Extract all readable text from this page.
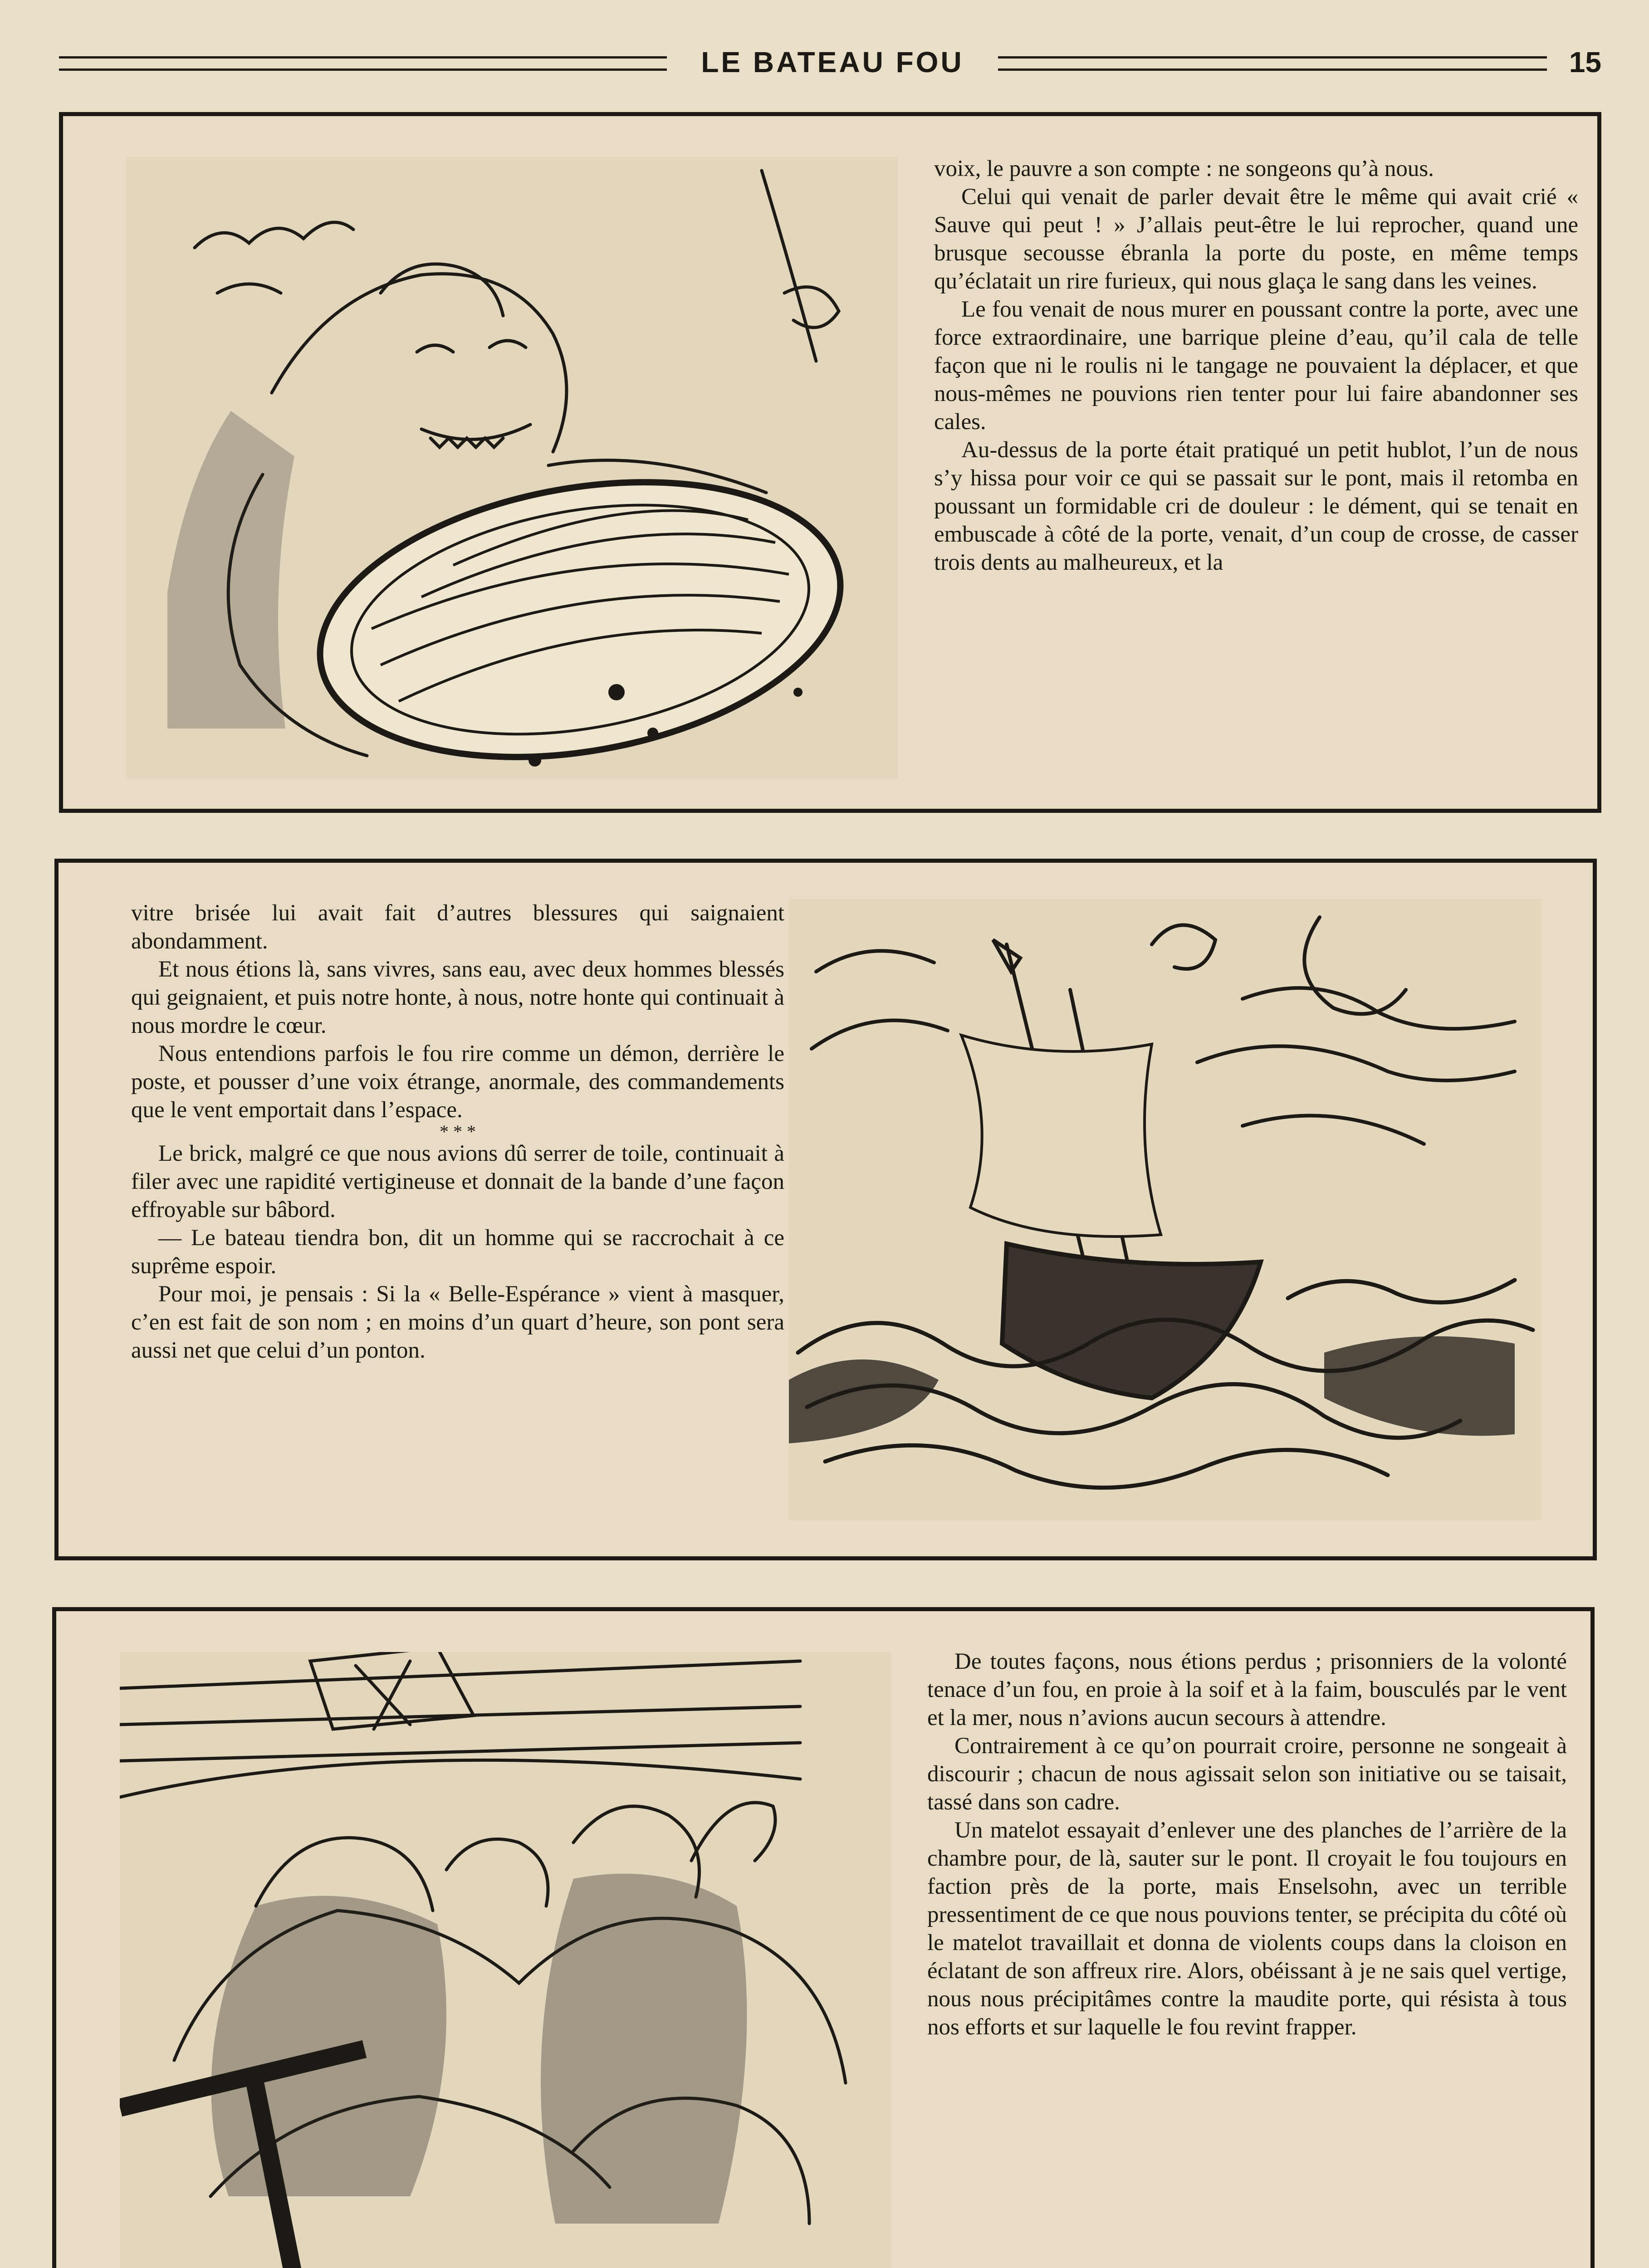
LE BATEAU FOU	15

voix, le pauvre a son compte : ne songeons qu’à nous.

Celui qui venait de parler devait être le même qui avait crié « Sauve qui peut ! » J’allais peut-être le lui reprocher, quand une brusque secousse ébranla la porte du poste, en même temps qu’éclatait un rire furieux, qui nous glaça le sang dans les veines.

Le fou venait de nous murer en poussant contre la porte, avec une force extraordinaire, une barrique pleine d’eau, qu’il cala de telle façon que ni le roulis ni le tangage ne pouvaient la déplacer, et que nous-mêmes ne pouvions rien tenter pour lui faire abandonner ses cales.

Au-dessus de la porte était pratiqué un petit hublot, l’un de nous s’y hissa pour voir ce qui se passait sur le pont, mais il retomba en poussant un formidable cri de douleur : le dément, qui se tenait en embuscade à côté de la porte, venait, d’un coup de crosse, de casser trois dents au malheureux, et la

vitre brisée lui avait fait d’autres blessures qui saignaient abondamment.

Et nous étions là, sans vivres, sans eau, avec deux hommes blessés qui geignaient, et puis notre honte, à nous, notre honte qui continuait à nous mordre le cœur.

Nous entendions parfois le fou rire comme un démon, derrière le poste, et pousser d’une voix étrange, anormale, des commandements que le vent emportait dans l’espace.

* * *

Le brick, malgré ce que nous avions dû serrer de toile, continuait à filer avec une rapidité vertigineuse et donnait de la bande d’une façon effroyable sur bâbord.

— Le bateau tiendra bon, dit un homme qui se raccrochait à ce suprême espoir.

Pour moi, je pensais : Si la « Belle-Espérance » vient à masquer, c’en est fait de son nom ; en moins d’un quart d’heure, son pont sera aussi net que celui d’un ponton.

De toutes façons, nous étions perdus ; prisonniers de la volonté tenace d’un fou, en proie à la soif et à la faim, bousculés par le vent et la mer, nous n’avions aucun secours à attendre.

Contrairement à ce qu’on pourrait croire, personne ne songeait à discourir ; chacun de nous agissait selon son initiative ou se taisait, tassé dans son cadre.

Un matelot essayait d’enlever une des planches de l’arrière de la chambre pour, de là, sauter sur le pont. Il croyait le fou toujours en faction près de la porte, mais Enselsohn, avec un terrible pressentiment de ce que nous pouvions tenter, se précipita du côté où le matelot travaillait et donna de violents coups dans la cloison en éclatant de son affreux rire. Alors, obéissant à je ne sais quel vertige, nous nous précipitâmes contre la maudite porte, qui résista à tous nos efforts et sur laquelle le fou revint frapper.
